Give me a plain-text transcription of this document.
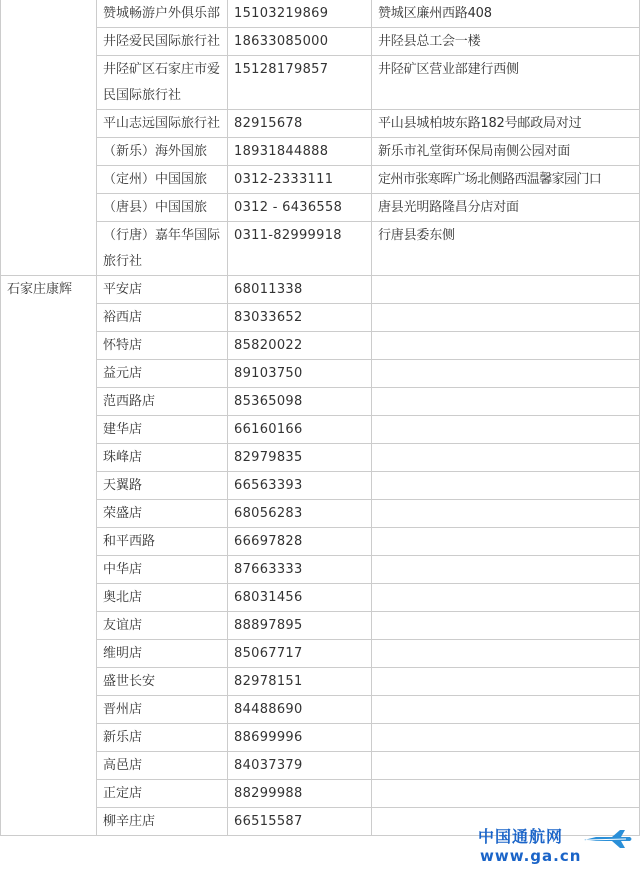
	赞城畅游户外俱乐部	15103219869	赞城区廉州西路408
	井陉爱民国际旅行社	18633085000	井陉县总工会一楼
	井陉矿区石家庄市爱民国际旅行社	15128179857	井陉矿区营业部建行西侧
	平山志远国际旅行社	82915678	平山县城柏坡东路182号邮政局对过
	（新乐）海外国旅	18931844888	新乐市礼堂街环保局南侧公园对面
	（定州）中国国旅	0312-2333111	定州市张寒晖广场北侧路西温馨家园门口
	（唐县）中国国旅	0312 - 6436558	唐县光明路隆昌分店对面
	（行唐）嘉年华国际旅行社	0311-82999918	行唐县委东侧
石家庄康辉	平安店	68011338	
	裕西店	83033652	
	怀特店	85820022	
	益元店	89103750	
	范西路店	85365098	
	建华店	66160166	
	珠峰店	82979835	
	天翼路	66563393	
	荣盛店	68056283	
	和平西路	66697828	
	中华店	87663333	
	奥北店	68031456	
	友谊店	88897895	
	维明店	85067717	
	盛世长安	82978151	
	晋州店	84488690	
	新乐店	88699996	
	高邑店	84037379	
	正定店	88299988	
	柳辛庄店	66515587	
中国通航网
www.ga.cn
